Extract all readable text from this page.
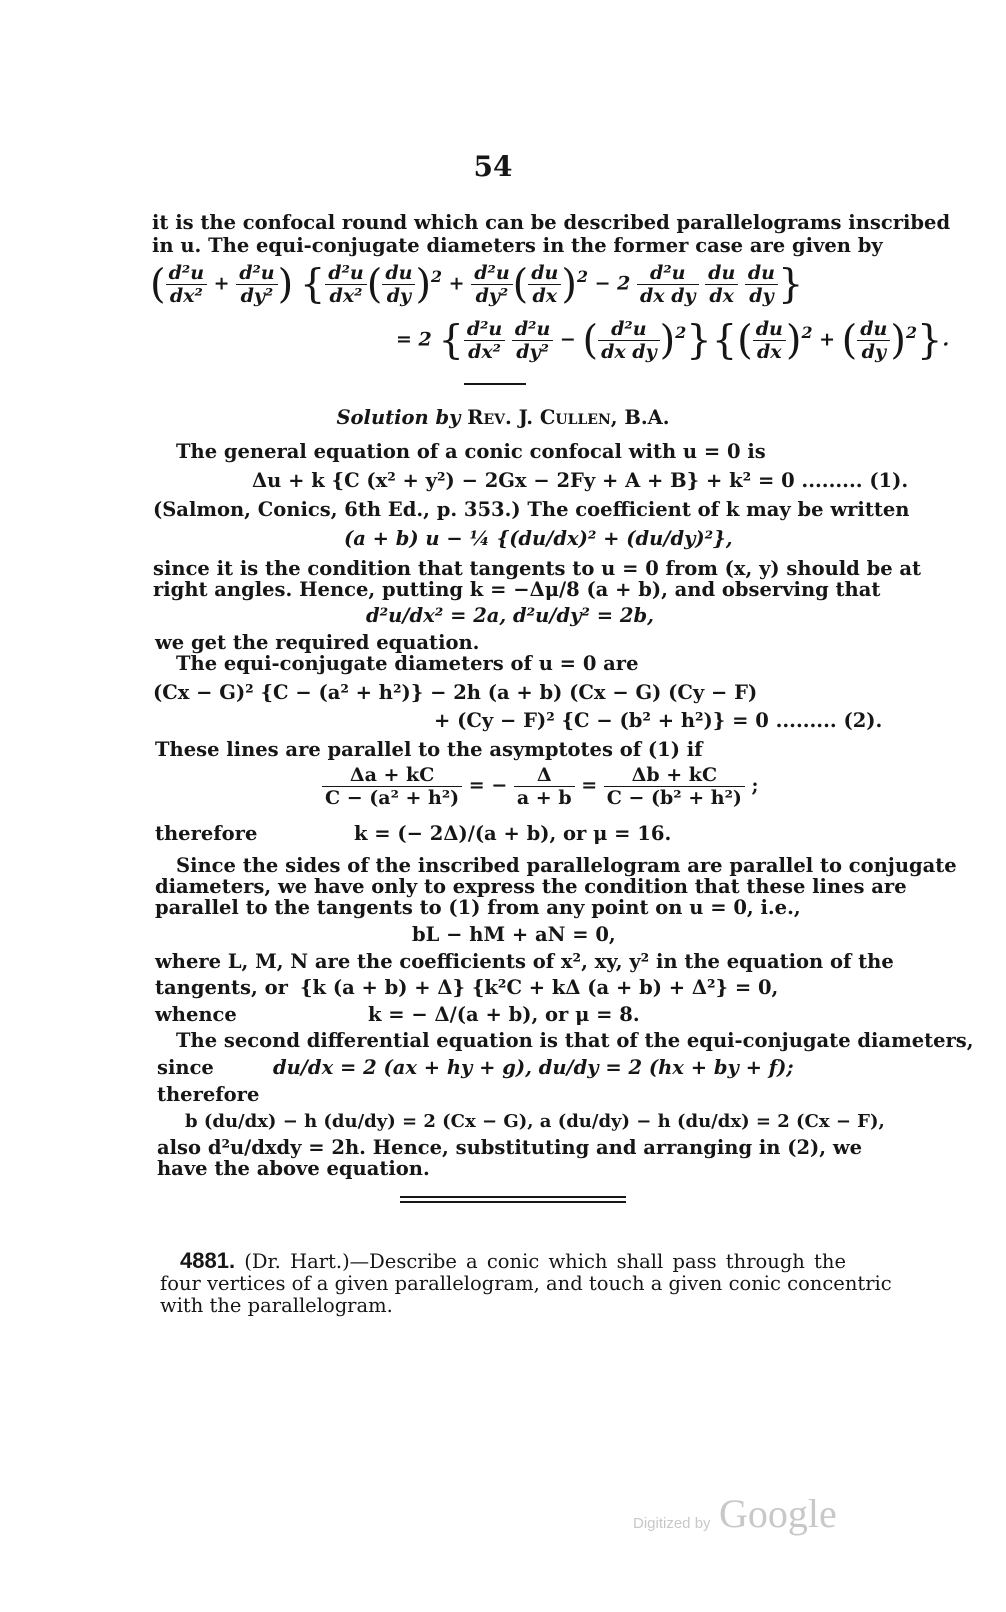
54
it is the confocal round which can be described parallelograms inscribed
in u. The equi-conjugate diameters in the former case are given by
( $\frac{\text{d²u}}{\text{dx²}} + \frac{\text{d²u}}{\text{dy²}}$ ) { $\frac{\text{d²u}}{\text{dx²}}$ ( $\frac{du}{dy} )^2 + \frac{\text{d²u}}{\text{dy²}}$ ( $\frac{du}{dx} )^2 - 2 \frac{\text{d²u}}{\text{dx dy}}$
$\frac{du}{dx}$
$\frac{du}{dy}$ }
= 2 { $\frac{\text{d²u}}{\text{dx²}}$
$\frac{\text{d²u}}{\text{dy²}}$ − ( $\frac{\text{d²u}}{\text{dx dy}} )^2\}\{( \frac{du}{dx} )^2$ + ( $\frac{du}{dy} )^2$}.
(d²u/dx² + d²u/dy²) {d²u/dx² (du/dy)² + d²u/dy² (du/dx)² − 2 d²u/dxdy du/dx du/dy}
= 2 {d²u/dx² d²u/dy² − (d²u/dxdy)²} {(du/dx)² + (du/dy)²}.
Solution by Rev. J. Cullen, B.A.
The general equation of a conic confocal with u = 0 is
Δu + k {C (x² + y²) − 2Gx − 2Fy + A + B} + k² = 0 ......... (1).
(Salmon, Conics, 6th Ed., p. 353.) The coefficient of k may be written
(a + b) u − ¼ {(du/dx)² + (du/dy)²},
since it is the condition that tangents to u = 0 from (x, y) should be at
right angles. Hence, putting k = −Δμ/8 (a + b), and observing that
d²u/dx² = 2a, d²u/dy² = 2b,
we get the required equation.
The equi-conjugate diameters of u = 0 are
(Cx − G)² {C − (a² + h²)} − 2h (a + b) (Cx − G) (Cy − F)
+ (Cy − F)² {C − (b² + h²)} = 0 ......... (2).
These lines are parallel to the asymptotes of (1) if
$\frac{\Delta a + kC}{\text{C − (a² + h²)}}$ = − $\frac{\Delta}{a + b} = \frac{\Delta b + kC}{\text{C − (b² + h²)}}$ ;
(Δa + kC)/(C − (a² + h²)) = − Δ/(a + b) = (Δb + kC)/(C − (b² + h²));
therefore	k = (− 2Δ)/(a + b), or μ = 16.
Since the sides of the inscribed parallelogram are parallel to conjugate
diameters, we have only to express the condition that these lines are
parallel to the tangents to (1) from any point on u = 0, i.e.,
bL − hM + aN = 0,
where L, M, N are the coefficients of x², xy, y² in the equation of the
tangents, or {k (a + b) + Δ} {k²C + kΔ (a + b) + Δ²} = 0,
whence	k = − Δ/(a + b), or μ = 8.
The second differential equation is that of the equi-conjugate diameters,
since	du/dx = 2 (ax + hy + g), du/dy = 2 (hx + by + f);
therefore
b (du/dx) − h (du/dy) = 2 (Cx − G), a (du/dy) − h (du/dx) = 2 (Cx − F),
also d²u/dxdy = 2h. Hence, substituting and arranging in (2), we
have the above equation.
4881. (Dr. Hart.)—Describe a conic which shall pass through the
four vertices of a given parallelogram, and touch a given conic concentric
with the parallelogram.
Digitized by Google
